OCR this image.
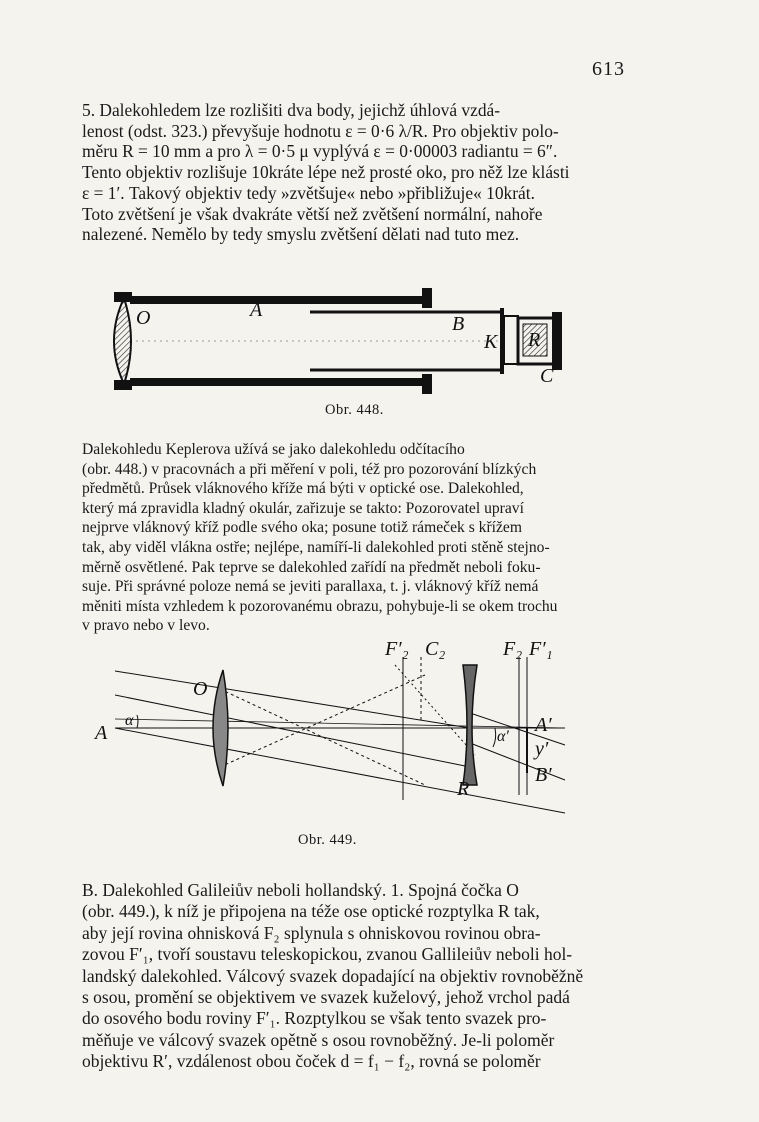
613
5. Dalekohledem lze rozlišiti dva body, jejichž úhlová vzdá-
lenost (odst. 323.) převyšuje hodnotu ε = 0·6 λ/R. Pro objektiv polo-
měru R = 10 mm a pro λ = 0·5 μ vyplývá ε = 0·00003 radiantu = 6″.
Tento objektiv rozlišuje 10kráte lépe než prosté oko, pro něž lze klásti
ε = 1′. Takový objektiv tedy »zvětšuje« nebo »přibližuje« 10krát.
Toto zvětšení je však dvakráte větší než zvětšení normální, nahoře
nalezené. Nemělo by tedy smyslu zvětšení dělati nad tuto mez.
O	A
B
K R
C
Obr. 448.
Dalekohledu Keplerova užívá se jako dalekohledu odčítacího
(obr. 448.) v pracovnách a při měření v poli, též pro pozorování blízkých
předmětů. Průsek vláknového kříže má býti v optické ose. Dalekohled,
který má zpravidla kladný okulár, zařizuje se takto: Pozorovatel upraví
nejprve vláknový kříž podle svého oka; posune totiž rámeček s křížem
tak, aby viděl vlákna ostře; nejlépe, namíří-li dalekohled proti stěně stejno-
měrně osvětlené. Pak teprve se dalekohled zařídí na předmět neboli foku-
suje. Při správné poloze nemá se jeviti parallaxa, t. j. vláknový kříž nemá
měniti místa vzhledem k pozorovanému obrazu, pohybuje-li se okem trochu
v pravo nebo v levo.
O
A
α
F′₂ C₂	F₂ F′₁
R
A′
α′
y′
B′
Obr. 449.
B. Dalekohled Galileiův neboli hollandský. 1. Spojná čočka O
(obr. 449.), k níž je připojena na téže ose optické rozptylka R tak,
aby její rovina ohnisková F₂ splynula s ohniskovou rovinou obra-
zovou F′₁, tvoří soustavu teleskopickou, zvanou Gallileiův neboli hol-
landský dalekohled. Válcový svazek dopadající na objektiv rovnoběžně
s osou, promění se objektivem ve svazek kuželový, jehož vrchol padá
do osového bodu roviny F′₁. Rozptylkou se však tento svazek pro-
měňuje ve válcový svazek opětně s osou rovnoběžný. Je-li poloměr
objektivu R′, vzdálenost obou čoček d = f₁ − f₂, rovná se poloměr
